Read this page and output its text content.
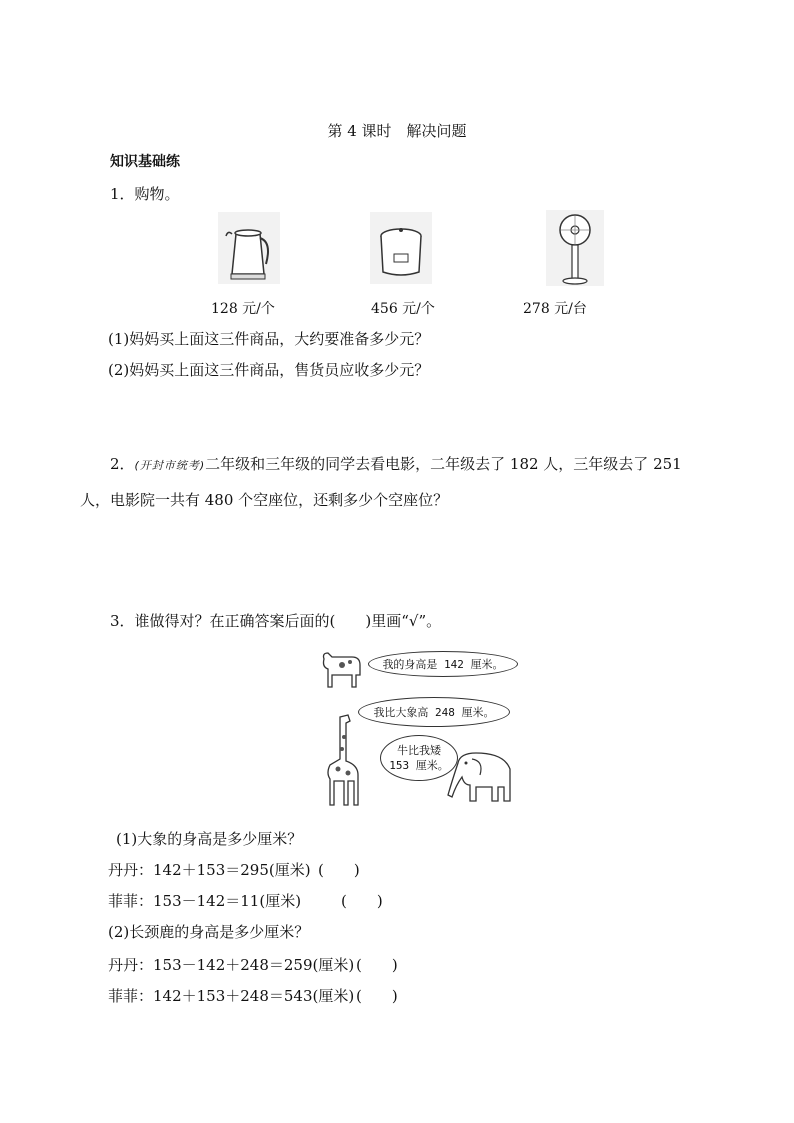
第 4 课时　解决问题
知识基础练
1．购物。
128 元/个	456 元/个	278 元/台
(1)妈妈买上面这三件商品，大约要准备多少元？
(2)妈妈买上面这三件商品，售货员应收多少元？
2．(开封市统考)二年级和三年级的同学去看电影，二年级去了 182 人，三年级去了 251
人，电影院一共有 480 个空座位，还剩多少个空座位？
3．谁做得对？在正确答案后面的(　　)里画“√”。
我的身高是 142 厘米。
我比大象高 248 厘米。
牛比我矮
153 厘米。
(1)大象的身高是多少厘米？
丹丹：142＋153＝295(厘米) (　　)
菲菲：153－142＝11(厘米)	(　　)
(2)长颈鹿的身高是多少厘米？
丹丹：153－142＋248＝259(厘米) (　　)
菲菲：142＋153＋248＝543(厘米) (　　)
